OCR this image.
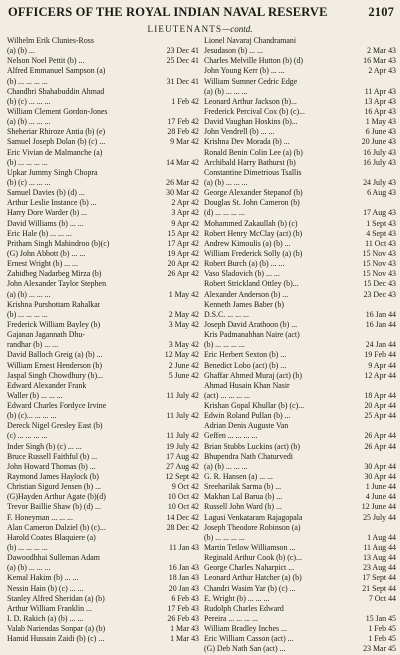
OFFICERS OF THE ROYAL INDIAN NAVAL RESERVE	2107
LIEUTENANTS—contd.
Wilhelm Erik Clunies-Ross
(a) (b) ...	23 Dec 41
Nelson Noel Pettit (b) ...	25 Dec 41
Alfred Emmanuel Sampson (a)
(b) ... ... ... ...	31 Dec 41
Chandhri Shahabuddin Ahmad
(b) (c) ... ... ...	1 Feb 42
William Clement Gordon-Jones
(a) (b) ... ... ...	17 Feb 42
Sheheriar Rhiroze Antia (b) (e)	28 Feb 42
Samuel Joseph Dolan (b) (c) ...	9 Mar 42
Eric Vivian de Malmanche (a)
(b) ... ... ... ...	14 Mar 42
Upkar Jummy Singh Chopra
(b) (c) ... ... ...	26 Mar 42
Samuel Davies (b) (d) ...	30 Mar 42
Arthur Leslie Instance (b) ...	2 Apr 42
Harry Dore Warder (b) ...	3 Apr 42
David Williams (b) ... ...	9 Apr 42
Eric Hale (b) ... ... ...	15 Apr 42
Pritham Singh Mahindroo (b)(c)	17 Apr 42
(G) John Abbott (b) ... ...	19 Apr 42
Ernest Wright (b) ... ...	20 Apr 42
Zahidbeg Nadarbeg Mirza (b)	26 Apr 42
John Alexander Taylor Stephen
(a) (b) ... ... ...	1 May 42
Krishna Purshottam Rahalkar
(b) ... ... ... ...	2 May 42
Frederick William Bayley (b)	3 May 42
Gajanan Jagannath Dhu-
randhar (b) ... ...	3 May 42
David Balloch Greig (a) (b) ...	12 May 42
William Ernest Henderson (b)	2 June 42
Jaspal Singh Chowdhury (b)...	5 June 42
Edward Alexander Frank
Waller (b) ... ... ...	11 July 42
Edward Charles Fordyce Irvine
(b) (c)... ... ... ...	11 July 42
Dereck Nigel Gresley East (b)
(c) ... ... ... ...	11 July 42
Inder Singh (b) (c) ... ...	19 July 42
Bruce Russell Faithful (b) ...	17 Aug 42
John Howard Thomas (b) ...	27 Aug 42
Raymond James Haylock (b)	12 Sept 42
Christian Sigurd Jensen (b) ...	9 Oct 42
(G)Hayden Arthur Agate (b)(d)	10 Oct 42
Trevor Baillie Shaw (b) (d) ...	10 Oct 42
F. Honeyman ... ... ...	14 Dec 42
Alan Cameron Dalziel (b) (c)...	28 Dec 42
Harold Coates Blaquiere (a)
(b) ... ... ... ...	11 Jan 43
Dawoodhhai Sulleman Adam
(a) (b) ... ... ...	16 Jan 43
Kemal Hakim (b) ... ...	18 Jan 43
Nessin Hain (b) (c) ... ...	20 Jan 43
Stanley Alfred Sheridan (a) (b)	6 Feb 43
Arthur William Franklin ...	17 Feb 43
I. D. Rakich (a) (b) ... ...	26 Feb 43
Valab Nariendas Sonpar (a) (b)	1 Mar 43
Hamid Hussain Zaidi (b) (c) ...	1 Mar 43
Lionel Navaraj Chandramani
Jesudason (b) ... ...	2 Mar 43
Charles Melville Hutton (b) (d)	16 Mar 43
John Young Kerr (b) ... ...	2 Apr 43
William Sumner Cedric Edge
(a) (b) ... ... ...	11 Apr 43
Leonard Arthur Jackson (b)...	13 Apr 43
Frederick Percival Cox (b) (c)...	16 Apr 43
David Vaughan Hoskins (b)...	1 May 43
John Vendrell (b) ... ...	6 June 43
Krishna Dev Morada (b) ...	20 June 43
Ronald Benin Colin Lee (a) (b)	16 July 43
Archibald Harry Bathurst (b)	16 July 43
Constantine Dimetrious Tsallis
(a) (b) ... ... ...	24 July 43
George Alexander Stepanof (b)	6 Aug 43
Douglas St. John Cameron (b)
(d) ... ... ... ...	17 Aug 43
Mohammed Zakaullah (b) (c)	1 Sept 43
Robert Henry McClay (act) (b)	4 Sept 43
Andrew Kimoulis (a) (b) ...	11 Oct 43
William Frederick Solly (a) (b)	15 Nov 43
Robert Burch (a) (b) ... ...	15 Nov 43
Vaso Sladovich (b) ... ...	15 Nov 43
Robert Strickland Ottley (b)...	15 Dec 43
Alexander Anderson (b) ...	23 Dec 43
Kenneth James Baber (b)
D.S.C. ... ... ...	16 Jan 44
Joseph David Arathoon (b) ...	16 Jan 44
Kris Padmanabhan Naire (act)
(b) ... ... ... ...	24 Jan 44
Eric Herbert Sexton (b) ...	19 Feb 44
Benedict Lobo (act) (b) ...	9 Apr 44
Ghaffar Ahmed Muraj (act) (b)	12 Apr 44
Ahmad Husain Khan Nasir
(act) ... ... ... ...	18 Apr 44
Krishan Gopal Khullar (b) (c)...	20 Apr 44
Edwin Roland Pullan (b) ...	25 Apr 44
Adrian Denis Auguste Van
Geffen ... ... ... ...	26 Apr 44
Brian Stubbs Luckins (act) (b)	26 Apr 44
Bhupendra Nath Chaturvedi
(a) (b) ... ... ...	30 Apr 44
G. R. Hansen (a) ... ...	30 Apr 44
Sreeharilak Sarma (b) ...	1 June 44
Makhan Lal Barua (b) ...	4 June 44
Russell John Ward (b) ...	12 June 44
Lagusi Venkataram Rajagopala	25 July 44
Joseph Theodore Robinson (a)
(b) ... ... ... ...	1 Aug 44
Martin Tetlow Williamson ...	11 Aug 44
Reginald Arthur Cook (b) (c)...	13 Aug 44
George Charles Naharpict ...	23 Aug 44
Leonard Arthur Hatcher (a) (b)	17 Sept 44
Chandri Wasim Yar (b) (c) ...	21 Sept 44
E. Wright (b) ... ... ...	7 Oct 44
Rudolph Charles Edward
Pereira ... ... ... ...	15 Jan 45
William Bradley Inches ...	1 Feb 45
Eric William Casson (act) ...	1 Feb 45
(G) Deb Nath San (act) ...	23 Mar 45
